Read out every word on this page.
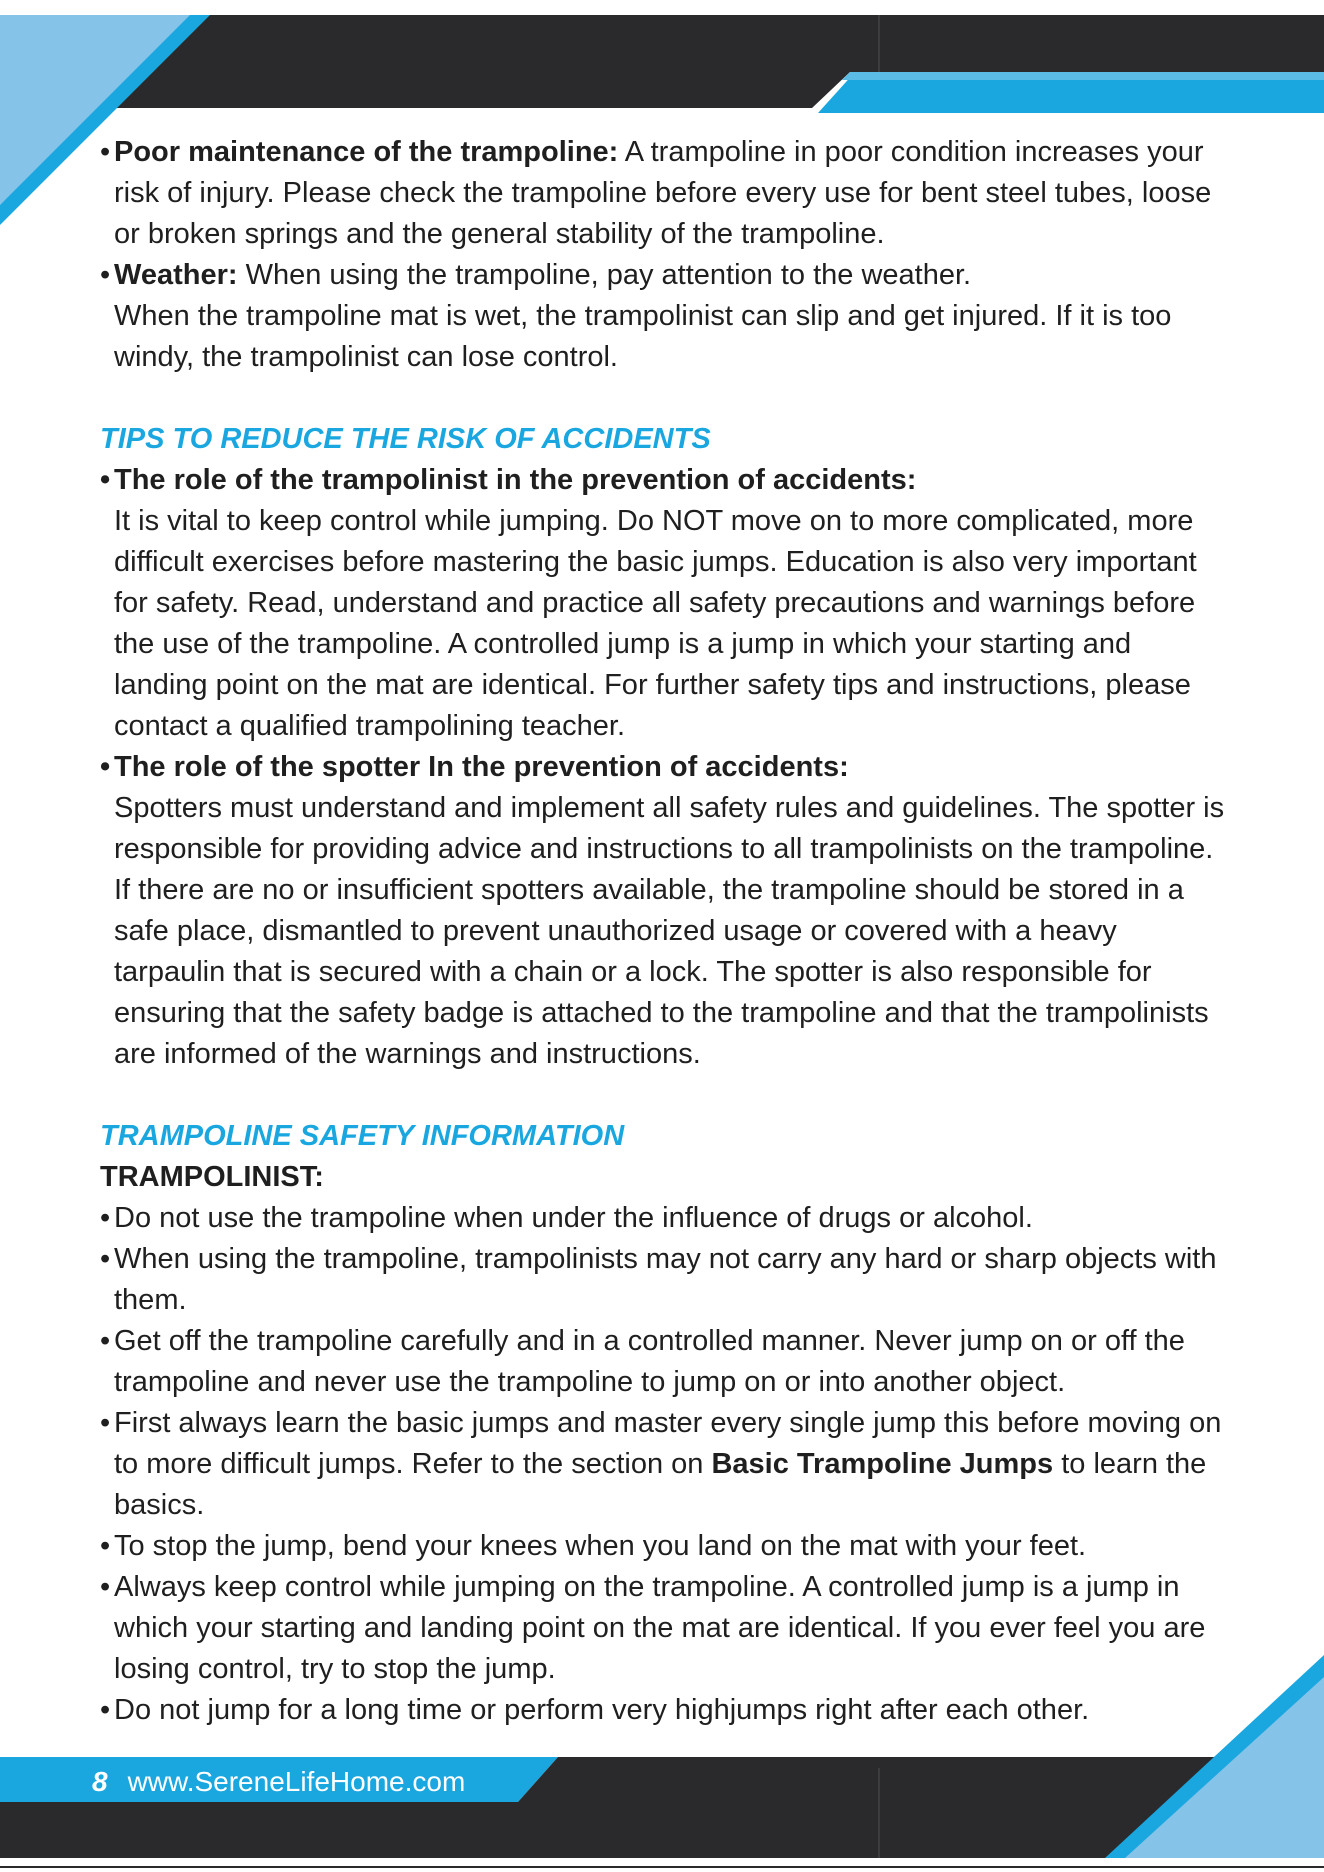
• Poor maintenance of the trampoline: A trampoline in poor condition increases your risk of injury. Please check the trampoline before every use for bent steel tubes, loose or broken springs and the general stability of the trampoline.

• Weather: When using the trampoline, pay attention to the weather.

When the trampoline mat is wet, the trampolinist can slip and get injured. If it is too windy, the trampolinist can lose control.

TIPS TO REDUCE THE RISK OF ACCIDENTS

• The role of the trampolinist in the prevention of accidents:

It is vital to keep control while jumping. Do NOT move on to more complicated, more difficult exercises before mastering the basic jumps. Education is also very important for safety. Read, understand and practice all safety precautions and warnings before the use of the trampoline. A controlled jump is a jump in which your starting and landing point on the mat are identical. For further safety tips and instructions, please contact a qualified trampolining teacher.

• The role of the spotter In the prevention of accidents:

Spotters must understand and implement all safety rules and guidelines. The spotter is responsible for providing advice and instructions to all trampolinists on the trampoline. If there are no or insufficient spotters available, the trampoline should be stored in a safe place, dismantled to prevent unauthorized usage or covered with a heavy tarpaulin that is secured with a chain or a lock. The spotter is also responsible for ensuring that the safety badge is attached to the trampoline and that the trampolinists are informed of the warnings and instructions.

TRAMPOLINE SAFETY INFORMATION

TRAMPOLINIST:

• Do not use the trampoline when under the influence of drugs or alcohol.

• When using the trampoline, trampolinists may not carry any hard or sharp objects with them.

• Get off the trampoline carefully and in a controlled manner. Never jump on or off the trampoline and never use the trampoline to jump on or into another object.

• First always learn the basic jumps and master every single jump this before moving on to more difficult jumps. Refer to the section on Basic Trampoline Jumps to learn the basics.

• To stop the jump, bend your knees when you land on the mat with your feet.

• Always keep control while jumping on the trampoline. A controlled jump is a jump in which your starting and landing point on the mat are identical. If you ever feel you are losing control, try to stop the jump.

• Do not jump for a long time or perform very highjumps right after each other.

8 www.SereneLifeHome.com
